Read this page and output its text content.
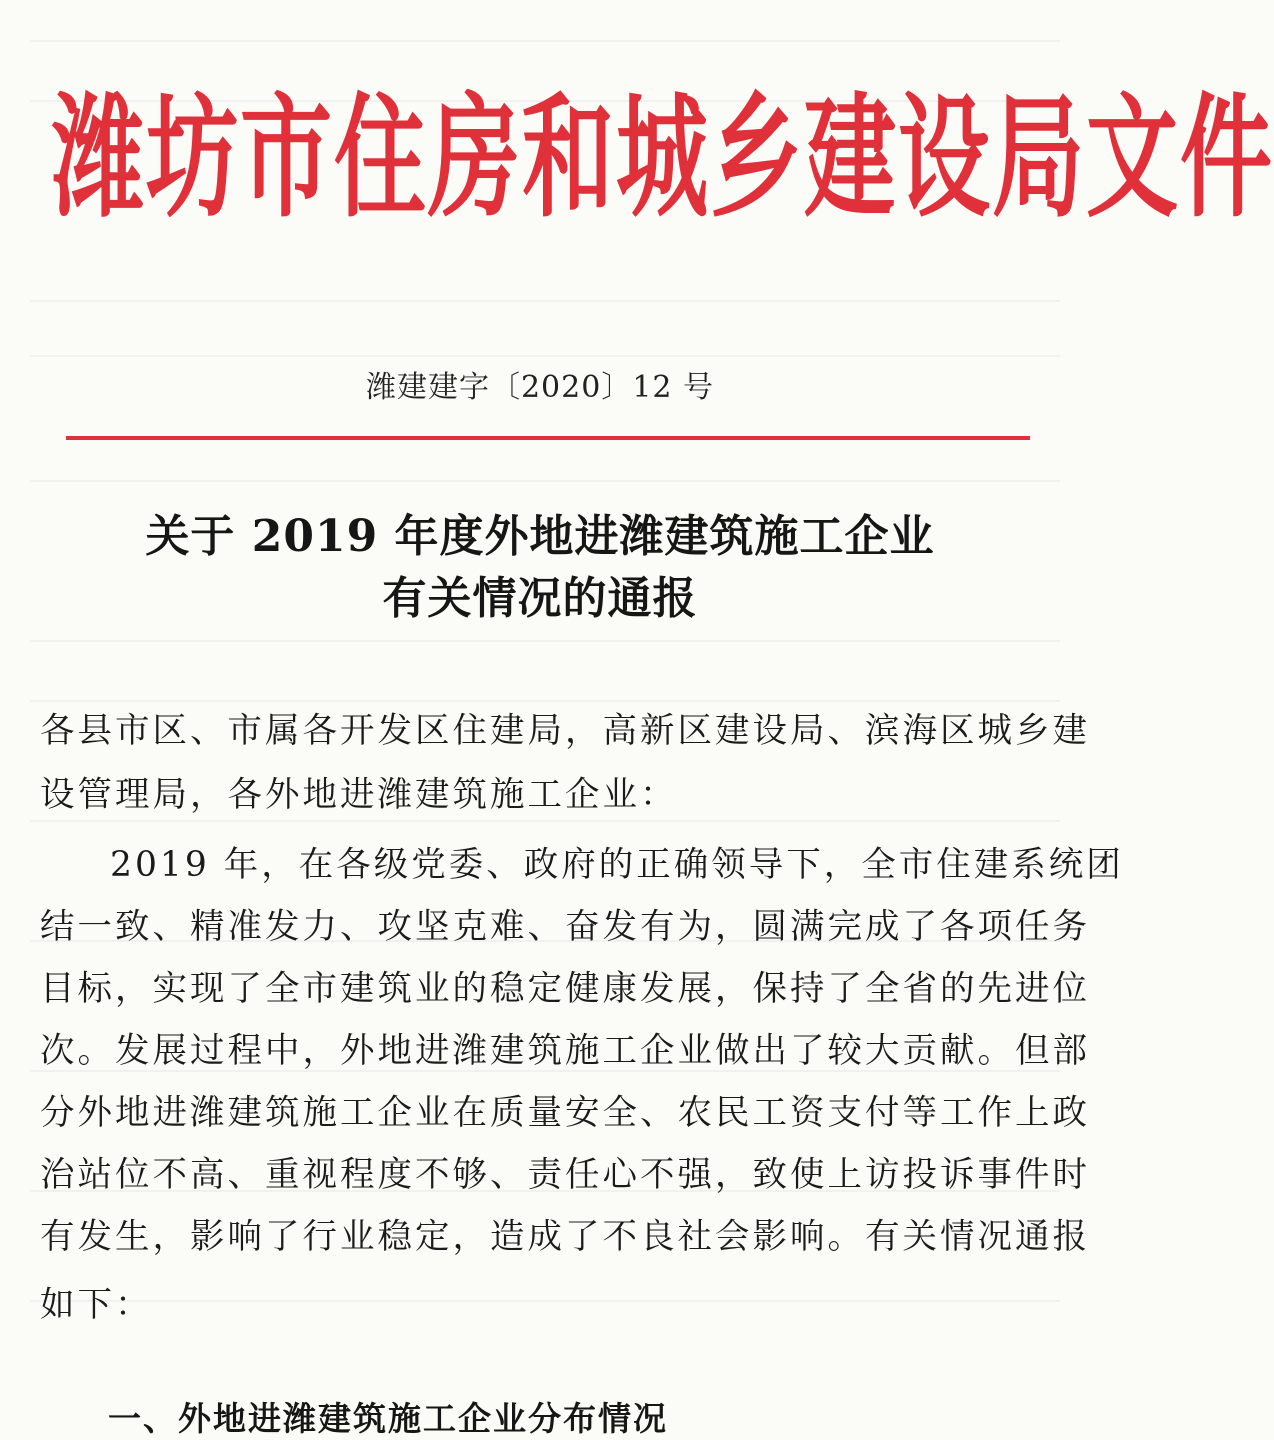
潍坊市住房和城乡建设局文件
潍建建字〔2020〕12 号
关于 2019 年度外地进潍建筑施工企业
有关情况的通报
各县市区、市属各开发区住建局，高新区建设局、滨海区城乡建
设管理局，各外地进潍建筑施工企业：
2019 年，在各级党委、政府的正确领导下，全市住建系统团
结一致、精准发力、攻坚克难、奋发有为，圆满完成了各项任务
目标，实现了全市建筑业的稳定健康发展，保持了全省的先进位
次。发展过程中，外地进潍建筑施工企业做出了较大贡献。但部
分外地进潍建筑施工企业在质量安全、农民工资支付等工作上政
治站位不高、重视程度不够、责任心不强，致使上访投诉事件时
有发生，影响了行业稳定，造成了不良社会影响。有关情况通报
如下：
一、外地进潍建筑施工企业分布情况
